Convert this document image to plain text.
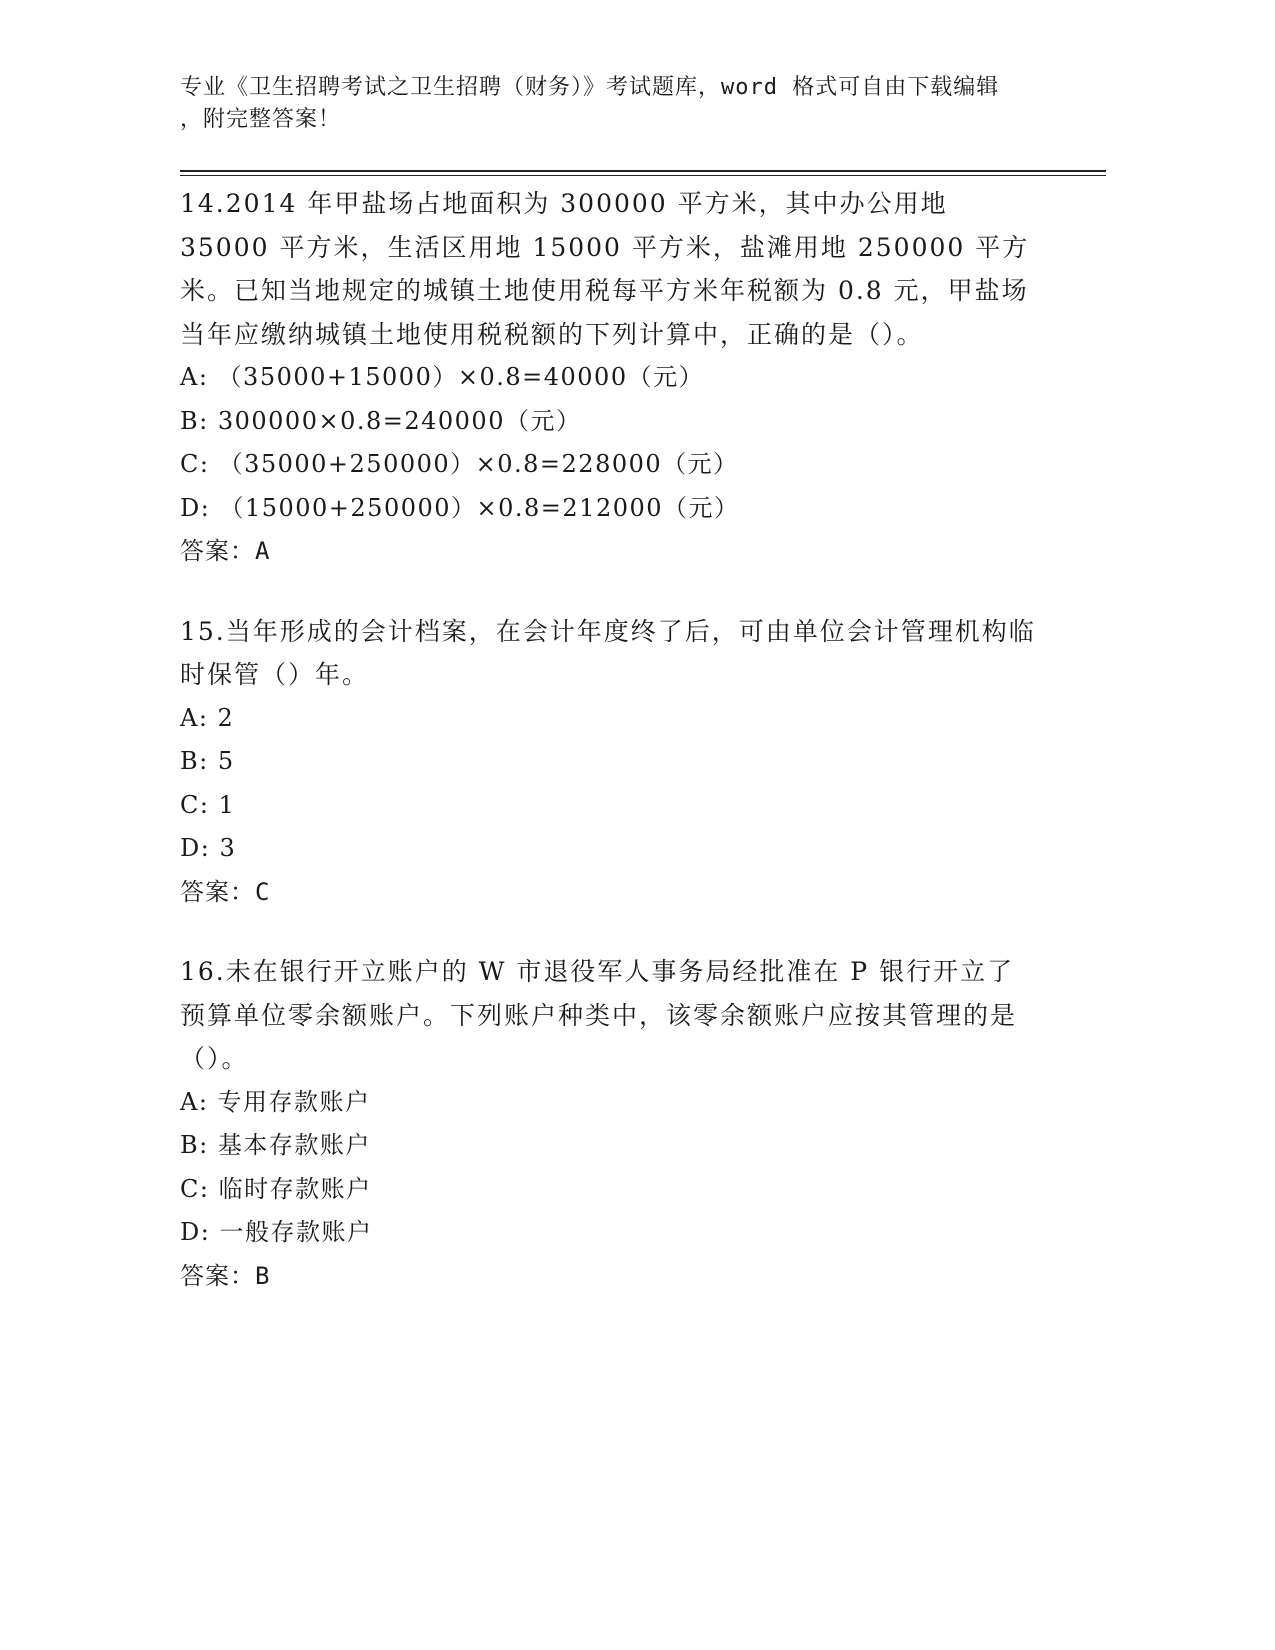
专业《卫生招聘考试之卫生招聘（财务）》考试题库，word 格式可自由下载编辑
，附完整答案！

14.2014 年甲盐场占地面积为 300000 平方米，其中办公用地 35000 平方米，生活区用地 15000 平方米，盐滩用地 250000 平方米。已知当地规定的城镇土地使用税每平方米年税额为 0.8 元，甲盐场当年应缴纳城镇土地使用税税额的下列计算中，正确的是（）。

A: （35000+15000）×0.8=40000（元）

B: 300000×0.8=240000（元）

C: （35000+250000）×0.8=228000（元）

D: （15000+250000）×0.8=212000（元）

答案：A

15.当年形成的会计档案，在会计年度终了后，可由单位会计管理机构临时保管（）年。

A: 2

B: 5

C: 1

D: 3

答案：C

16.未在银行开立账户的 W 市退役军人事务局经批准在 P 银行开立了预算单位零余额账户。下列账户种类中，该零余额账户应按其管理的是（）。

A: 专用存款账户

B: 基本存款账户

C: 临时存款账户

D: 一般存款账户

答案：B
